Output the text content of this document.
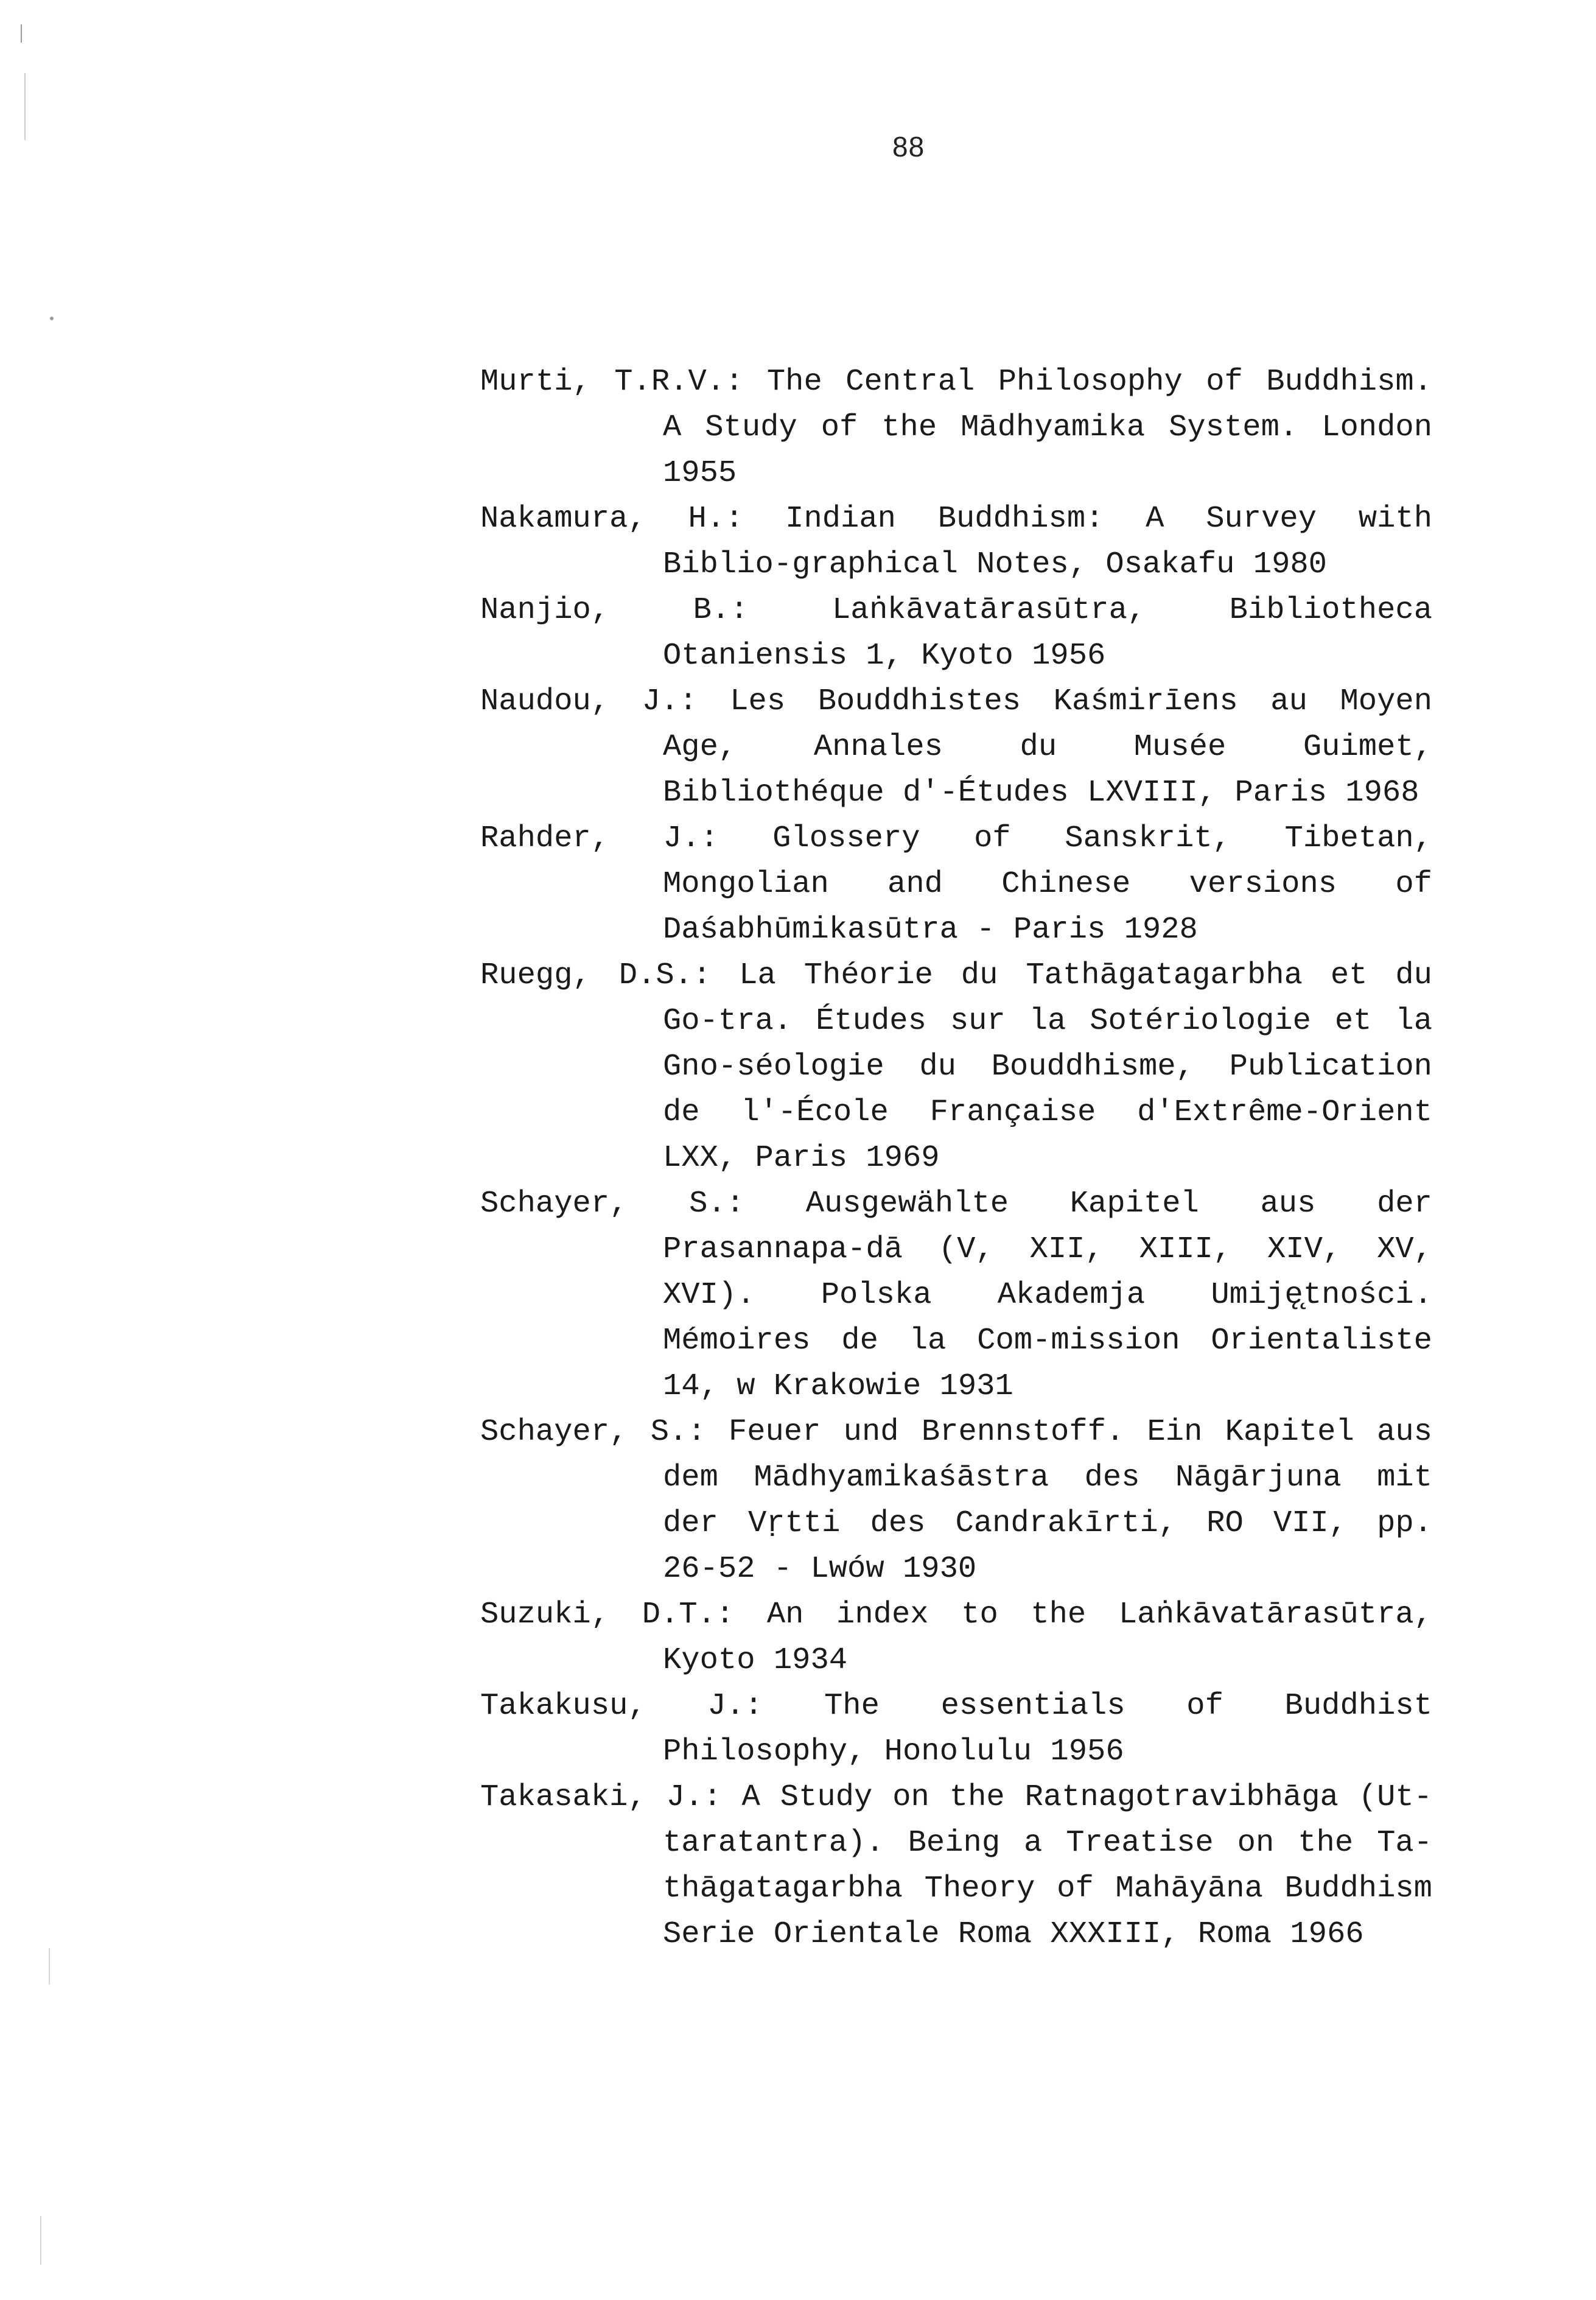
88
Murti, T.R.V.: The Central Philosophy of Buddhism. A Study of the Mādhyamika System. London 1955
Nakamura, H.: Indian Buddhism: A Survey with Biblio-graphical Notes, Osakafu 1980
Nanjio, B.:	Laṅkāvatārasūtra, Bibliotheca Otaniensis 1, Kyoto 1956
Naudou, J.: Les Bouddhistes Kaśmirīens au Moyen Age, Annales du Musée Guimet, Bibliothéque d'-Études LXVIII, Paris 1968
Rahder, J.: Glossery of Sanskrit, Tibetan, Mongolian and Chinese versions of Daśabhūmikasūtra - Paris 1928
Ruegg, D.S.: La Théorie du Tathāgatagarbha et du Go-tra. Études sur la Sotériologie et la Gno-séologie du Bouddhisme, Publication de l'-École Française d'Extrême-Orient LXX, Paris 1969
Schayer, S.: Ausgewählte Kapitel aus der Prasannapa-dā (V, XII, XIII, XIV, XV, XVI). Polska Akademja Umiję̨tności. Mémoires de la Com-mission Orientaliste 14, w Krakowie 1931
Schayer, S.: Feuer und Brennstoff. Ein Kapitel aus dem Mādhyamikaśāstra des Nāgārjuna mit der Vṛtti des Candrakīrti, RO VII, pp. 26-52 - Lwów 1930
Suzuki, D.T.: An index to the Laṅkāvatārasūtra, Kyoto 1934
Takakusu, J.: The essentials of Buddhist Philosophy, Honolulu 1956
Takasaki, J.: A Study on the Ratnagotravibhāga (Ut-taratantra). Being a Treatise on the Ta-thāgatagarbha Theory of Mahāyāna Buddhism Serie Orientale Roma XXXIII, Roma 1966
